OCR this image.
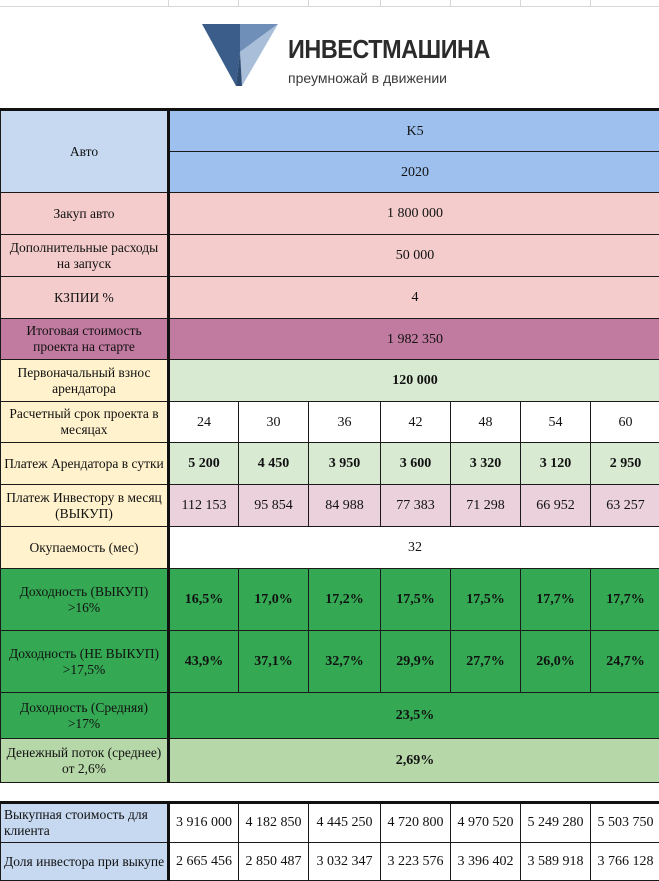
ИНВЕСТМАШИНА
преумножай в движении
Авто	K5						
	2020						
Закуп авто	1 800 000						
Дополнительные расходы на запуск	50 000						
КЗПИИ %	4						
Итоговая стоимость проекта на старте	1 982 350						
Первоначальный взнос арендатора	120 000						
Расчетный срок проекта в месяцах	24	30	36	42	48	54	60
Платеж Арендатора в сутки	5 200	4 450	3 950	3 600	3 320	3 120	2 950
Платеж Инвестору в месяц (ВЫКУП)	112 153	95 854	84 988	77 383	71 298	66 952	63 257
Окупаемость (мес)	32						
Доходность (ВЫКУП) >16%	16,5%	17,0%	17,2%	17,5%	17,5%	17,7%	17,7%
Доходность (НЕ ВЫКУП) >17,5%	43,9%	37,1%	32,7%	29,9%	27,7%	26,0%	24,7%
Доходность (Средняя) >17%	23,5%						
Денежный поток (среднее) от 2,6%	2,69%						
Выкупная стоимость для клиента	3 916 000	4 182 850	4 445 250	4 720 800	4 970 520	5 249 280	5 503 750
Доля инвестора при выкупе	2 665 456	2 850 487	3 032 347	3 223 576	3 396 402	3 589 918	3 766 128
